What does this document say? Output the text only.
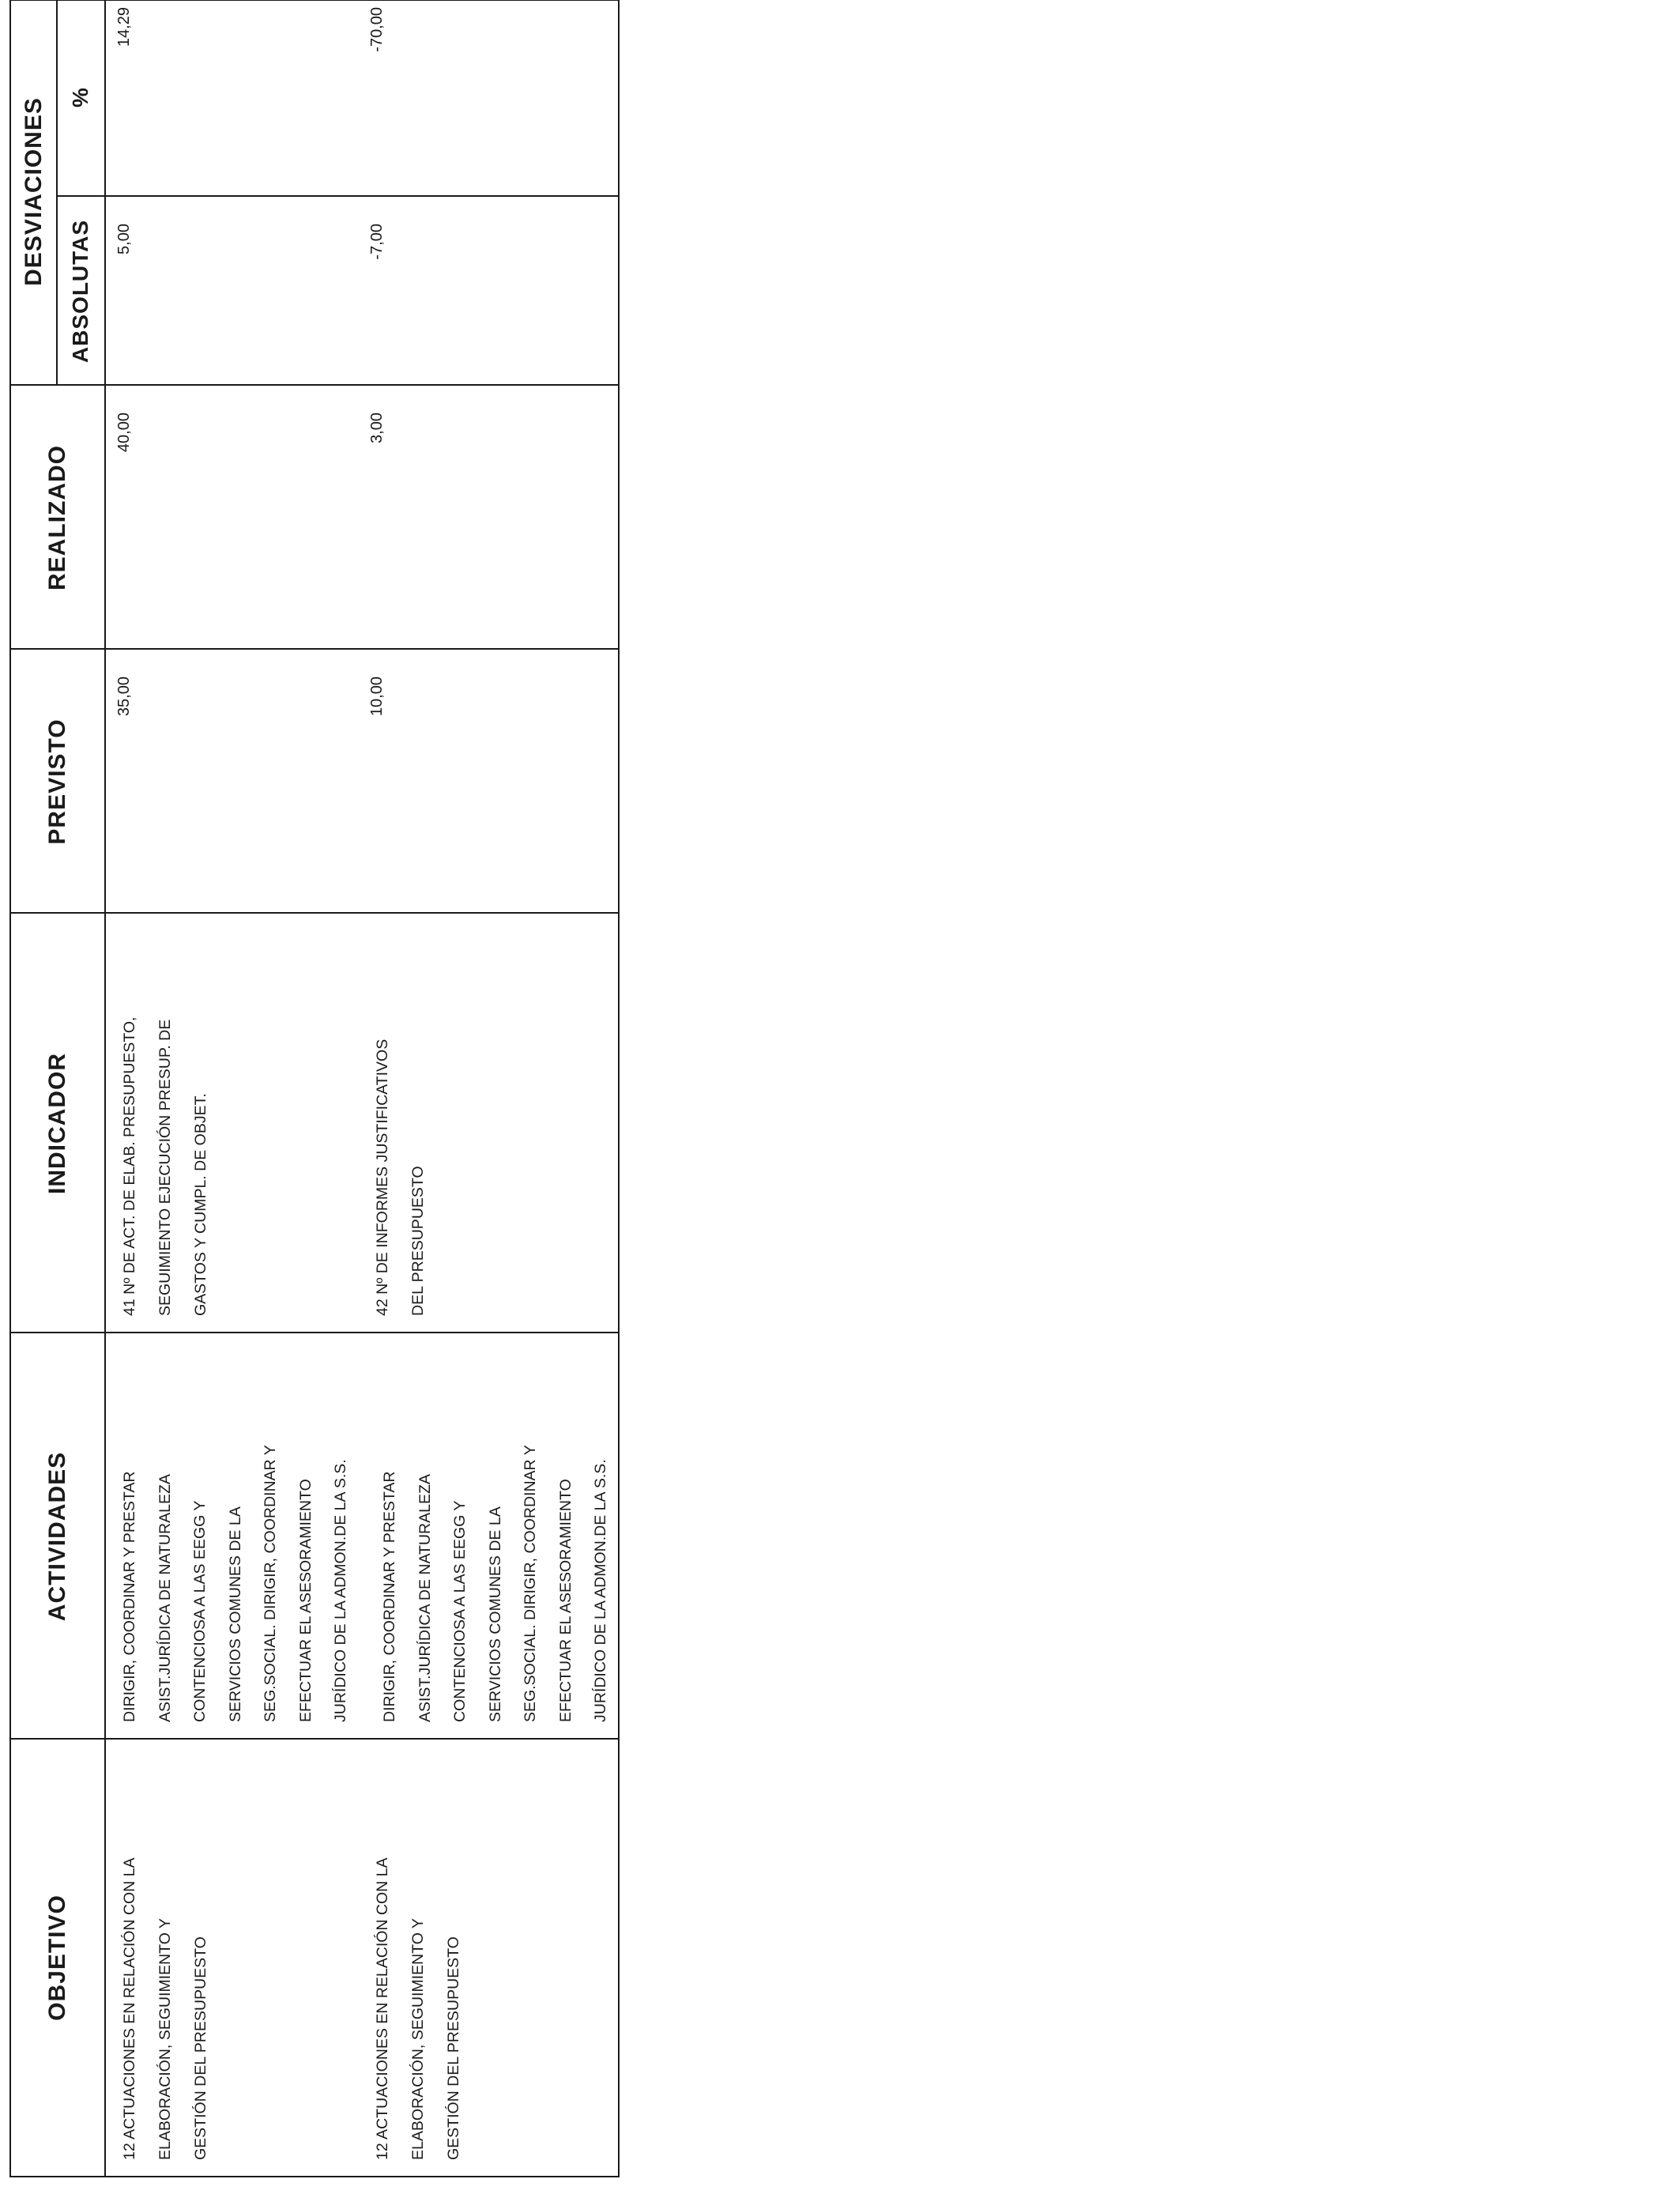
OBJETIVO
ACTIVIDADES
INDICADOR
PREVISTO
REALIZADO
DESVIACIONES
ABSOLUTAS
%
12 ACTUACIONES EN RELACIÓN CON LA
ELABORACIÓN, SEGUIMIENTO Y
GESTIÓN DEL PRESUPUESTO
DIRIGIR, COORDINAR Y PRESTAR
ASIST.JURÍDICA DE NATURALEZA
CONTENCIOSA A LAS EEGG Y
SERVICIOS COMUNES DE LA
SEG.SOCIAL. DIRIGIR, COORDINAR Y
EFECTUAR EL ASESORAMIENTO
JURÍDICO DE LA ADMON.DE LA S.S.
41 Nº DE ACT. DE ELAB. PRESUPUESTO,
SEGUIMIENTO EJECUCIÓN PRESUP. DE
GASTOS Y CUMPL. DE OBJET.
35,00
40,00
5,00
14,29
12 ACTUACIONES EN RELACIÓN CON LA
ELABORACIÓN, SEGUIMIENTO Y
GESTIÓN DEL PRESUPUESTO
DIRIGIR, COORDINAR Y PRESTAR
ASIST.JURÍDICA DE NATURALEZA
CONTENCIOSA A LAS EEGG Y
SERVICIOS COMUNES DE LA
SEG.SOCIAL. DIRIGIR, COORDINAR Y
EFECTUAR EL ASESORAMIENTO
JURÍDICO DE LA ADMON.DE LA S.S.
42 Nº DE INFORMES JUSTIFICATIVOS
DEL PRESUPUESTO
10,00
3,00
-7,00
-70,00
